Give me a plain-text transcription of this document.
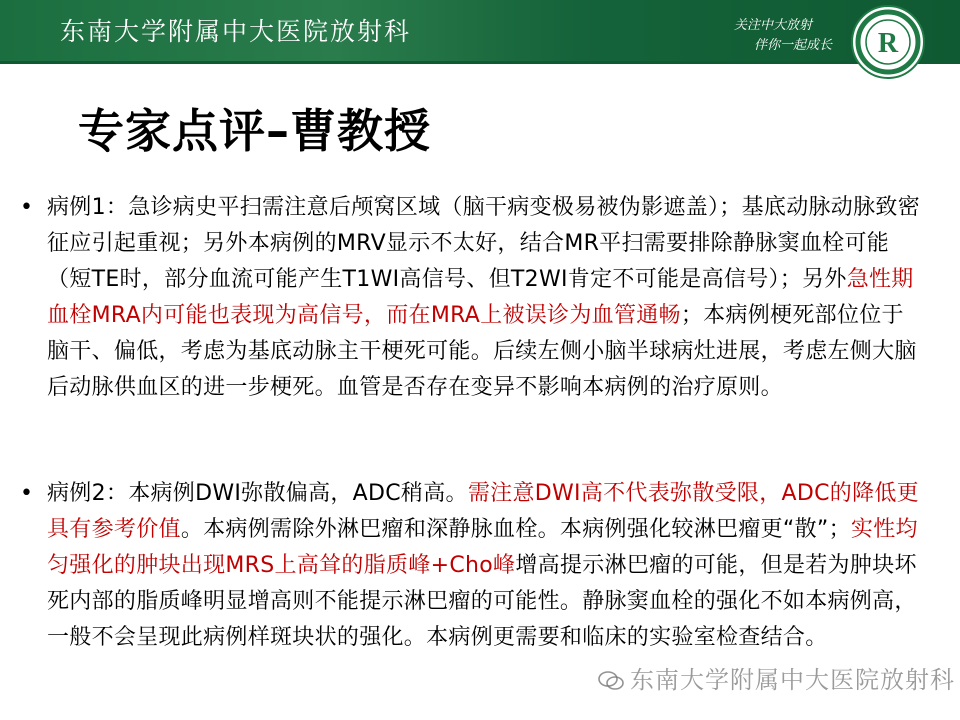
东南大学附属中大医院放射科	关注中大放射
伴你一起成长 R
专家点评–曹教授
• 病例1：急诊病史平扫需注意后颅窝区域（脑干病变极易被伪影遮盖）；基底动脉动脉致密征应引起重视；另外本病例的MRV显示不太好，结合MR平扫需要排除静脉窦血栓可能（短TE时，部分血流可能产生T1WI高信号、但T2WI肯定不可能是高信号）；另外急性期血栓MRA内可能也表现为高信号，而在MRA上被误诊为血管通畅；本病例梗死部位位于脑干、偏低，考虑为基底动脉主干梗死可能。后续左侧小脑半球病灶进展，考虑左侧大脑后动脉供血区的进一步梗死。血管是否存在变异不影响本病例的治疗原则。

• 病例2：本病例DWI弥散偏高，ADC稍高。需注意DWI高不代表弥散受限，ADC的降低更具有参考价值。本病例需除外淋巴瘤和深静脉血栓。本病例强化较淋巴瘤更“散”；实性均匀强化的肿块出现MRS上高耸的脂质峰+Cho峰增高提示淋巴瘤的可能，但是若为肿块坏死内部的脂质峰明显增高则不能提示淋巴瘤的可能性。静脉窦血栓的强化不如本病例高，一般不会呈现此病例样斑块状的强化。本病例更需要和临床的实验室检查结合。

东南大学附属中大医院放射科
